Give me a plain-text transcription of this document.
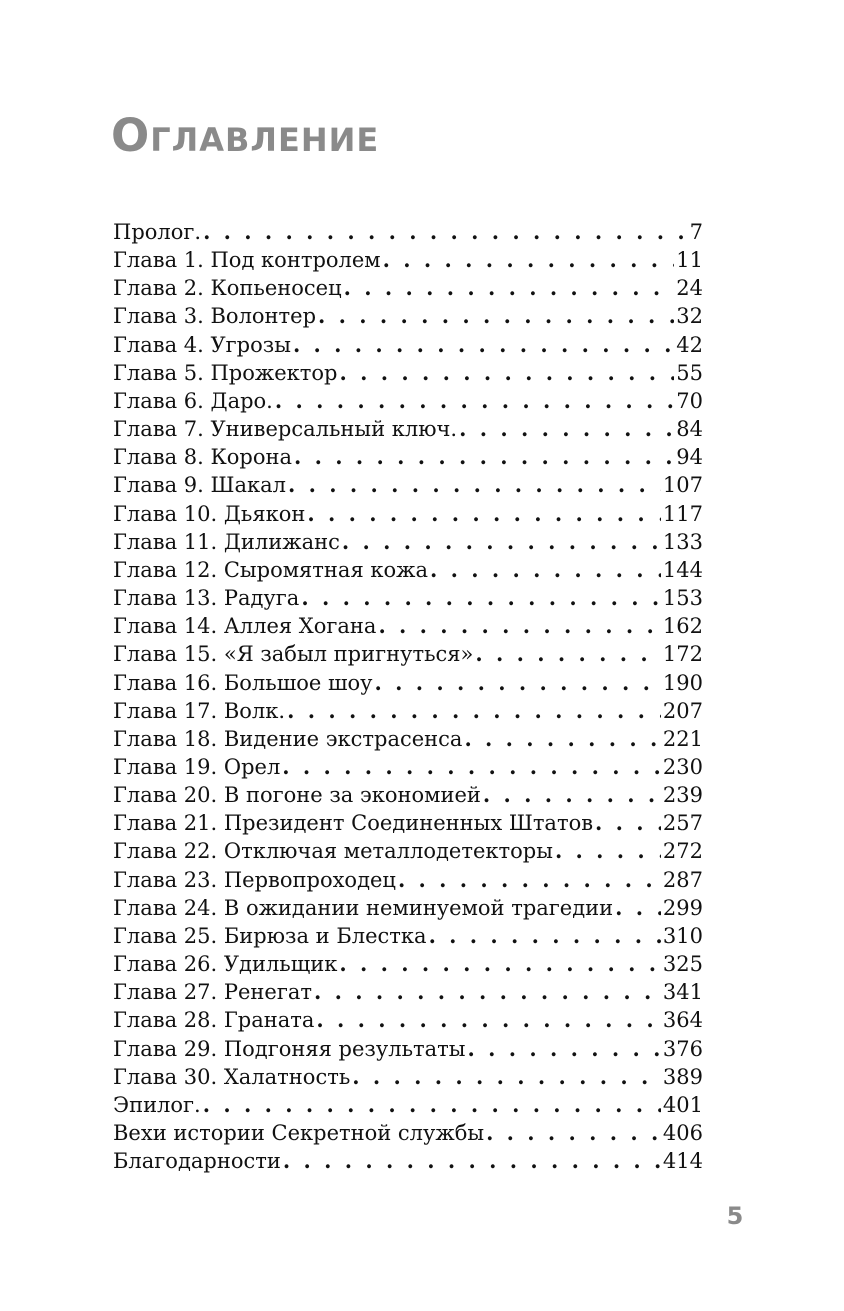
Оглавление
Пролог. . . .	7
Глава 1. Под контролем . . .	11
Глава 2. Копьеносец . . .	24
Глава 3. Волонтер . . .	32
Глава 4. Угрозы . . .	42
Глава 5. Прожектор . . .	55
Глава 6. Даро. . . .	70
Глава 7. Универсальный ключ. . . .	84
Глава 8. Корона . . .	94
Глава 9. Шакал . . .	107
Глава 10. Дьякон . . .	117
Глава 11. Дилижанс . . .	133
Глава 12. Сыромятная кожа . . .	144
Глава 13. Радуга . . .	153
Глава 14. Аллея Хогана . . .	162
Глава 15. «Я забыл пригнуться» . . .	172
Глава 16. Большое шоу . . .	190
Глава 17. Волк. . . .	207
Глава 18. Видение экстрасенса . . .	221
Глава 19. Орел . . .	230
Глава 20. В погоне за экономией . . .	239
Глава 21. Президент Соединенных Штатов . . .	257
Глава 22. Отключая металлодетекторы . . .	272
Глава 23. Первопроходец . . .	287
Глава 24. В ожидании неминуемой трагедии . . . 299
Глава 25. Бирюза и Блестка . . .	310
Глава 26. Удильщик . . .	325
Глава 27. Ренегат . . .	341
Глава 28. Граната . . .	364
Глава 29. Подгоняя результаты . . .	376
Глава 30. Халатность . . .	389
Эпилог. . . .	401
Вехи истории Секретной службы . . .	406
Благодарности . . .	414
5
